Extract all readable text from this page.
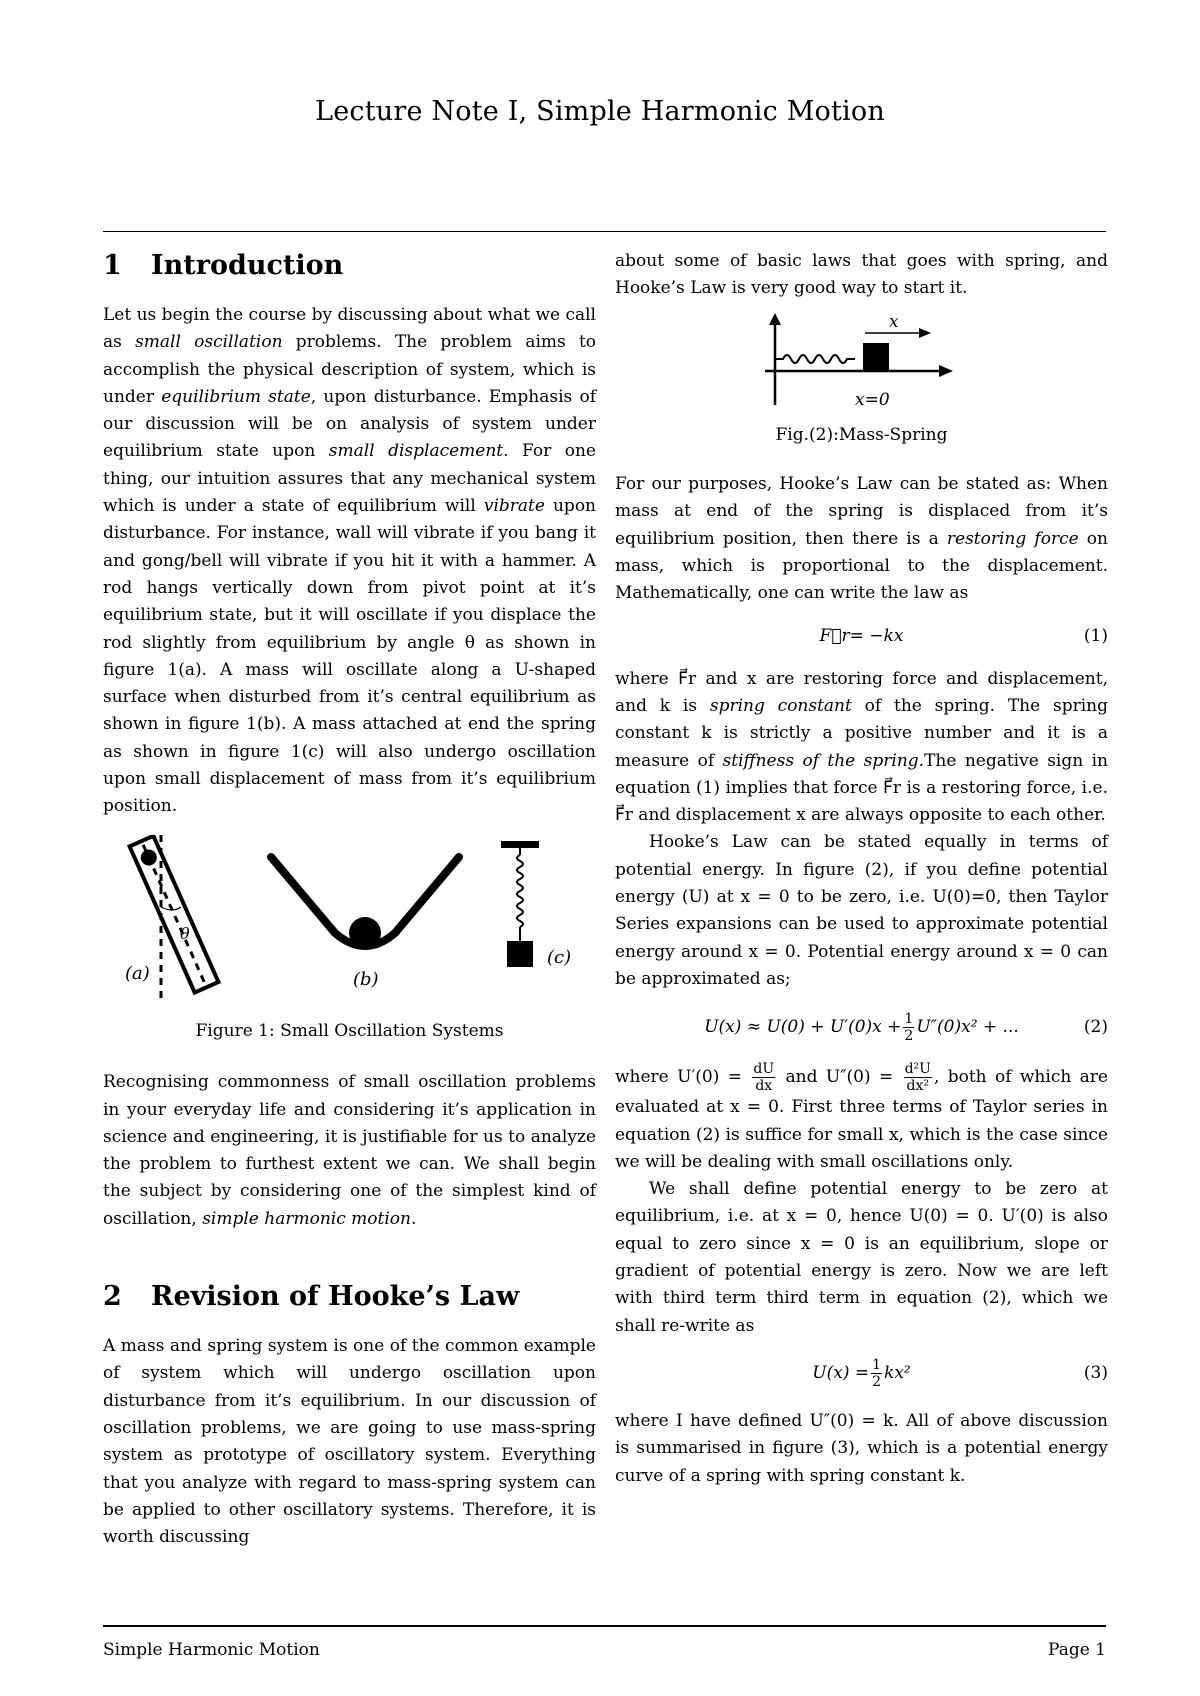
Lecture Note I, Simple Harmonic Motion
1 Introduction

Let us begin the course by discussing about what we call as small oscillation problems. The problem aims to accomplish the physical description of system, which is under equilibrium state, upon disturbance. Emphasis of our discussion will be on analysis of system under equilibrium state upon small displacement. For one thing, our intuition assures that any mechanical system which is under a state of equilibrium will vibrate upon disturbance. For instance, wall will vibrate if you bang it and gong/bell will vibrate if you hit it with a hammer. A rod hangs vertically down from pivot point at it’s equilibrium state, but it will oscillate if you displace the rod slightly from equilibrium by angle θ as shown in figure 1(a). A mass will oscillate along a U-shaped surface when disturbed from it’s central equilibrium as shown in figure 1(b). A mass attached at end the spring as shown in figure 1(c) will also undergo oscillation upon small displacement of mass from it’s equilibrium position.

θ
(a)	(b)
(c)
Figure 1: Small Oscillation Systems

Recognising commonness of small oscillation problems in your everyday life and considering it’s application in science and engineering, it is justifiable for us to analyze the problem to furthest extent we can. We shall begin the subject by considering one of the simplest kind of oscillation, simple harmonic motion.

2 Revision of Hooke’s Law

A mass and spring system is one of the common example of system which will undergo oscillation upon disturbance from it’s equilibrium. In our discussion of oscillation problems, we are going to use mass-spring system as prototype of oscillatory system. Everything that you analyze with regard to mass-spring system can be applied to other oscillatory systems. Therefore, it is worth discussing

about some of basic laws that goes with spring, and Hooke’s Law is very good way to start it.

x
x=0
Fig.(2):Mass-Spring

For our purposes, Hooke’s Law can be stated as: When mass at end of the spring is displaced from it’s equilibrium position, then there is a restoring force on mass, which is proportional to the displacement. Mathematically, one can write the law as

F⃗r = −kx	(1)

where F⃗r and x are restoring force and displacement, and k is spring constant of the spring. The spring constant k is strictly a positive number and it is a measure of stiffness of the spring.The negative sign in equation (1) implies that force F⃗r is a restoring force, i.e. F⃗r and displacement x are always opposite to each other.

Hooke’s Law can be stated equally in terms of potential energy. In figure (2), if you define potential energy (U) at x = 0 to be zero, i.e. U(0)=0, then Taylor Series expansions can be used to approximate potential energy around x = 0. Potential energy around x = 0 can be approximated as;

$U(x) \approx U(0) + U'(0)x + \frac{1}{2} U''(0)x^2$ + ...	(2)

where $U'(0) = \frac{dU}{dx}$ and $U''(0) = \frac{\text{d²U}}{\text{dx²}}$ , both of which are evaluated at x = 0. First three terms of Taylor series in equation (2) is suffice for small x, which is the case since we will be dealing with small oscillations only.

We shall define potential energy to be zero at equilibrium, i.e. at x = 0, hence U(0) = 0. U′(0) is also equal to zero since x = 0 is an equilibrium, slope or gradient of potential energy is zero. Now we are left with third term third term in equation (2), which we shall re-write as

$U(x) = \frac{1}{2} kx^2$	(3)

where I have defined U″(0) = k. All of above discussion is summarised in figure (3), which is a potential energy curve of a spring with spring constant k.

Simple Harmonic Motion	Page 1
